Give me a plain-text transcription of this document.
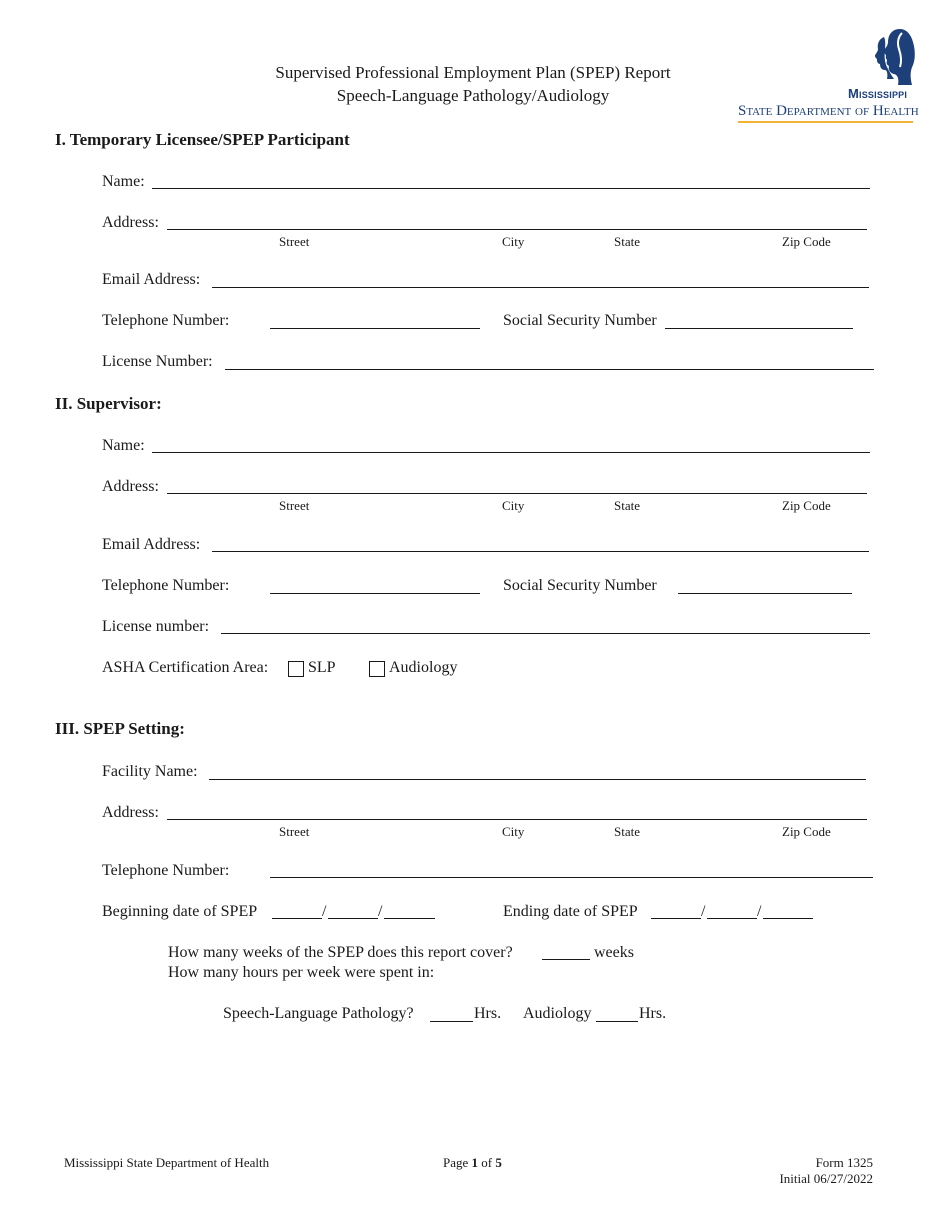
Supervised Professional Employment Plan (SPEP) Report
Speech-Language Pathology/Audiology	Mississippi
State Department of Health
I. Temporary Licensee/SPEP Participant
Name:
Address:
Street	City	State	Zip Code
Email Address:
Telephone Number:	Social Security Number
License Number:
II. Supervisor:
Name:
Address:
Street	City	State	Zip Code
Email Address:
Telephone Number:	Social Security Number
License number:
ASHA Certification Area: SLP	Audiology
III. SPEP Setting:
Facility Name:
Address:
Street	City	State	Zip Code
Telephone Number:
Beginning date of SPEP	/	/	Ending date of SPEP	/	/
How many weeks of the SPEP does this report cover?	weeks
How many hours per week were spent in:
Speech-Language Pathology?	Hrs. Audiology	Hrs.
Mississippi State Department of Health	Page 1 of 5	Form 1325
Initial 06/27/2022
